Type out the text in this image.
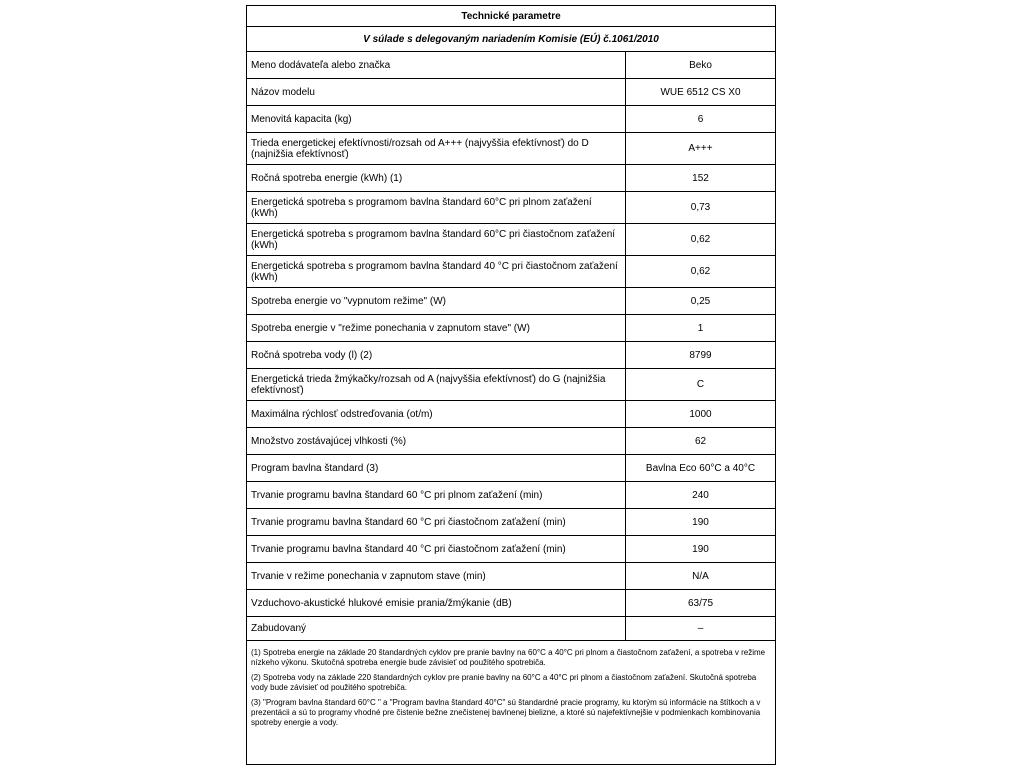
Technické parametre
V súlade s delegovaným nariadením Komisie (EÚ) č.1061/2010
Meno dodávateľa alebo značka	Beko
Názov modelu	WUE 6512 CS X0
Menovitá kapacita (kg)	6
Trieda energetickej efektívnosti/rozsah od A+++ (najvyššia efektívnosť) do D (najnižšia efektívnosť)	A+++
Ročná spotreba energie (kWh) (1)	152
Energetická spotreba s programom bavlna štandard 60°C pri plnom zaťažení (kWh)	0,73
Energetická spotreba s programom bavlna štandard 60°C pri čiastočnom zaťažení (kWh)	0,62
Energetická spotreba s programom bavlna štandard 40 °C pri čiastočnom zaťažení (kWh)	0,62
Spotreba energie vo "vypnutom režime" (W)	0,25
Spotreba energie v "režime ponechania v zapnutom stave" (W)	1
Ročná spotreba vody (l) (2)	8799
Energetická trieda žmýkačky/rozsah od A (najvyššia efektívnosť) do G (najnižšia efektívnosť)	C
Maximálna rýchlosť odstreďovania (ot/m)	1000
Množstvo zostávajúcej vlhkosti (%)	62
Program bavlna štandard (3)	Bavlna Eco 60°C a 40°C
Trvanie programu bavlna štandard 60 °C pri plnom zaťažení (min)	240
Trvanie programu bavlna štandard 60 °C pri čiastočnom zaťažení (min)	190
Trvanie programu bavlna štandard 40 °C pri čiastočnom zaťažení (min)	190
Trvanie v režime ponechania v zapnutom stave (min)	N/A
Vzduchovo-akustické hlukové emisie prania/žmýkanie (dB)	63/75
Zabudovaný	–
(1) Spotreba energie na základe 20 štandardných cyklov pre pranie bavlny na 60°C a 40°C pri plnom a čiastočnom zaťažení, a spotreba v režime nízkeho výkonu. Skutočná spotreba energie bude závisieť od použitého spotrebiča.
(2) Spotreba vody na základe 220 štandardných cyklov pre pranie bavlny na 60°C a 40°C pri plnom a čiastočnom zaťažení. Skutočná spotreba vody bude závisieť od použitého spotrebiča.
(3) "Program bavlna štandard 60°C " a "Program bavlna štandard 40°C" sú štandardné pracie programy, ku ktorým sú informácie na štítkoch a v prezentácii a sú to programy vhodné pre čistenie bežne znečistenej bavlnenej bielizne, a ktoré sú najefektívnejšie v podmienkach kombinovania spotreby energie a vody.
